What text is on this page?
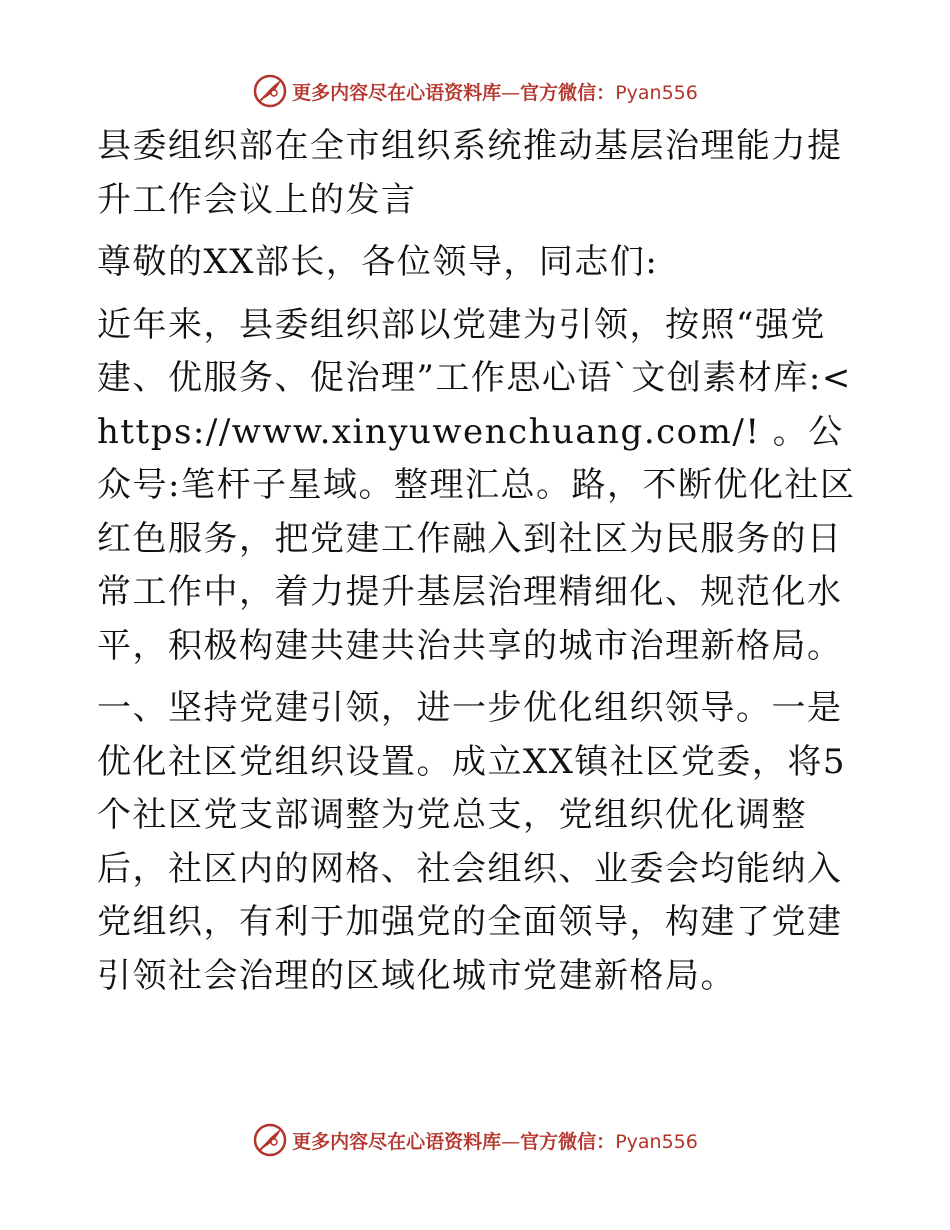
更多内容尽在心语资料库—官方微信：Pyan556

县委组织部在全市组织系统推动基层治理能力提升工作会议上的发言

尊敬的XX部长，各位领导，同志们:

近年来，县委组织部以党建为引领，按照“强党建、优服务、促治理”工作思心语`文创素材库:<https://www.xinyuwenchuang.com/! 。公众号:笔杆子星域。整理汇总。路，不断优化社区红色服务，把党建工作融入到社区为民服务的日常工作中，着力提升基层治理精细化、规范化水平，积极构建共建共治共享的城市治理新格局。

一、坚持党建引领，进一步优化组织领导。一是优化社区党组织设置。成立XX镇社区党委，将5个社区党支部调整为党总支，党组织优化调整后，社区内的网格、社会组织、业委会均能纳入党组织，有利于加强党的全面领导，构建了党建引领社会治理的区域化城市党建新格局。

更多内容尽在心语资料库—官方微信：Pyan556
